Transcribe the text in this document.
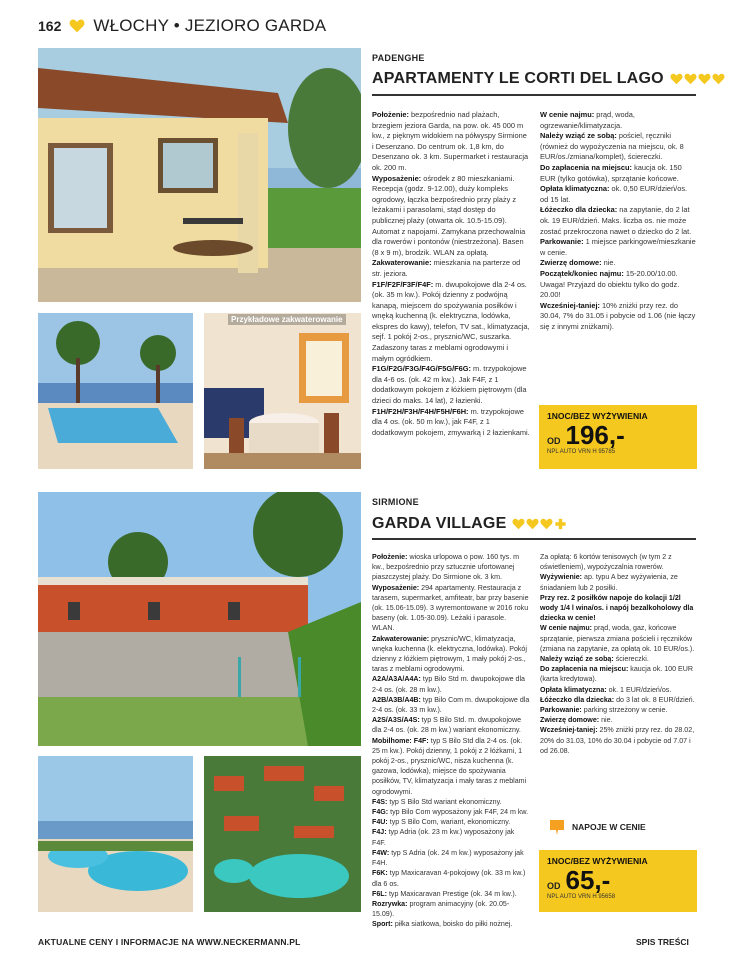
162 WŁOCHY • JEZIORO GARDA
Przykładowe zakwaterowanie
PADENGHE
APARTAMENTY LE CORTI DEL LAGO

Położenie: bezpośrednio nad plażach, brzegiem jeziora Garda, na pow. ok. 45 000 m kw., z pięknym widokiem na półwyspy Sirmione i Desenzano. Do centrum ok. 1,8 km, do Desenzano ok. 3 km. Supermarket i restauracja ok. 200 m.

Wyposażenie: ośrodek z 80 mieszkaniami. Recepcja (godz. 9-12.00), duży kompleks ogrodowy, łączka bezpośrednio przy plaży z leżakami i parasolami, stąd dostęp do publicznej plaży (otwarta ok. 10.5-15.09). Automat z napojami. Zamykana przechowalnia dla rowerów i pontonów (niestrzeżona). Basen (8 x 9 m), brodzik. WLAN za opłatą.

Zakwaterowanie: mieszkania na parterze od str. jeziora.

F1F/F2F/F3F/F4F: m. dwupokojowe dla 2-4 os. (ok. 35 m kw.). Pokój dzienny z podwójną kanapą, miejscem do spożywania posiłków i wnęką kuchenną (k. elektryczna, lodówka, ekspres do kawy), telefon, TV sat., klimatyzacja, sejf. 1 pokój 2-os., prysznic/WC, suszarka. Zadaszony taras z meblami ogrodowymi i małym ogródkiem.

F1G/F2G/F3G/F4G/F5G/F6G: m. trzypokojowe dla 4-6 os. (ok. 42 m kw.). Jak F4F, z 1 dodatkowym pokojem z łóżkiem piętrowym (dla dzieci do maks. 14 lat), 2 łazienki.

F1H/F2H/F3H/F4H/F5H/F6H: m. trzypokojowe dla 4 os. (ok. 50 m kw.), jak F4F, z 1 dodatkowym pokojem, zmywarką i 2 łazienkami.

W cenie najmu: prąd, woda, ogrzewanie/klimatyzacja.

Należy wziąć ze sobą: pościel, ręczniki (również do wypożyczenia na miejscu, ok. 8 EUR/os./zmiana/komplet), ściereczki.

Do zapłacenia na miejscu: kaucja ok. 150 EUR (tylko gotówka), sprzątanie końcowe.

Opłata klimatyczna: ok. 0,50 EUR/dzień/os. od 15 lat.

Łóżeczko dla dziecka: na zapytanie, do 2 lat ok. 19 EUR/dzień. Maks. liczba os. nie może zostać przekroczona nawet o dziecko do 2 lat.

Parkowanie: 1 miejsce parkingowe/mieszkanie w cenie.

Zwierzę domowe: nie.

Początek/koniec najmu: 15-20.00/10.00.

Uwaga! Przyjazd do obiektu tylko do godz. 20.00!

Wcześniej-taniej: 10% zniżki przy rez. do 30.04, 7% do 31.05 i pobycie od 1.06 (nie łączy się z innymi zniżkami).

1NOC/BEZ WYŻYWIENIA
OD 196,-
NPL AUTO VRN H 95785
SIRMIONE
GARDA VILLAGE

Położenie: wioska urlopowa o pow. 160 tys. m kw., bezpośrednio przy sztucznie ufortowanej piaszczystej plaży. Do Sirmione ok. 3 km.

Wyposażenie: 294 apartamenty. Restauracja z tarasem, supermarket, amfiteatr, bar przy basenie (ok. 15.06-15.09). 3 wyremontowane w 2016 roku baseny (ok. 1.05-30.09). Leżaki i parasole. WLAN.

Zakwaterowanie: prysznic/WC, klimatyzacja, wnęka kuchenna (k. elektryczna, lodówka). Pokój dzienny z łóżkiem piętrowym, 1 mały pokój 2-os., taras z meblami ogrodowymi.

A2A/A3A/A4A: typ Bilo Std m. dwupokojowe dla 2-4 os. (ok. 28 m kw.).

A2B/A3B/A4B: typ Bilo Com m. dwupokojowe dla 2-4 os. (ok. 33 m kw.).

A2S/A3S/A4S: typ S Bilo Std. m. dwupokojowe dla 2-4 os. (ok. 28 m kw.) wariant ekonomiczny.

Mobilhome: F4F: typ S Bilo Std dla 2-4 os. (ok. 25 m kw.). Pokój dzienny, 1 pokój z 2 łóżkami, 1 pokój 2-os., prysznic/WC, nisza kuchenna (k. gazowa, lodówka), miejsce do spożywania posiłków, TV, klimatyzacja i mały taras z meblami ogrodowymi.

F4S: typ S Bilo Std wariant ekonomiczny.

F4G: typ Bilo Com wyposażony jak F4F, 24 m kw.

F4U: typ S Bilo Com, wariant, ekonomiczny.

F4J: typ Adria (ok. 23 m kw.) wyposażony jak F4F.

F4W: typ S Adria (ok. 24 m kw.) wyposażony jak F4H.

F6K: typ Maxicaravan 4-pokojowy (ok. 33 m kw.) dla 6 os.

F6L: typ Maxicaravan Prestige (ok. 34 m kw.).

Rozrywka: program animacyjny (ok. 20.05-15.09).

Sport: piłka siatkowa, boisko do piłki nożnej.

Za opłatą: 6 kortów tenisowych (w tym 2 z oświetleniem), wypożyczalnia rowerów.

Wyżywienie: ap. typu A bez wyżywienia, ze śniadaniem lub 2 posiłki.

Przy rez. 2 posiłków napoje do kolacji 1/2l wody 1/4 l wina/os. i napój bezalkoholowy dla dziecka w cenie!

W cenie najmu: prąd, woda, gaz, końcowe sprzątanie, pierwsza zmiana pościeli i ręczników (zmiana na zapytanie, za opłatą ok. 10 EUR/os.).

Należy wziąć ze sobą: ściereczki.

Do zapłacenia na miejscu: kaucja ok. 100 EUR (karta kredytowa).

Opłata klimatyczna: ok. 1 EUR/dzień/os.

Łóżeczko dla dziecka: do 3 lat ok. 8 EUR/dzień.

Parkowanie: parking strzeżony w cenie.

Zwierzę domowe: nie.

Wcześniej-taniej: 25% zniżki przy rez. do 28.02, 20% do 31.03, 10% do 30.04 i pobycie od 7.07 i od 26.08.

NAPOJE W CENIE
1NOC/BEZ WYŻYWIENIA
OD 65,-
NPL AUTO VRN H 95658
AKTUALNE CENY I INFORMACJE NA WWW.NECKERMANN.PL	SPIS TREŚCI
